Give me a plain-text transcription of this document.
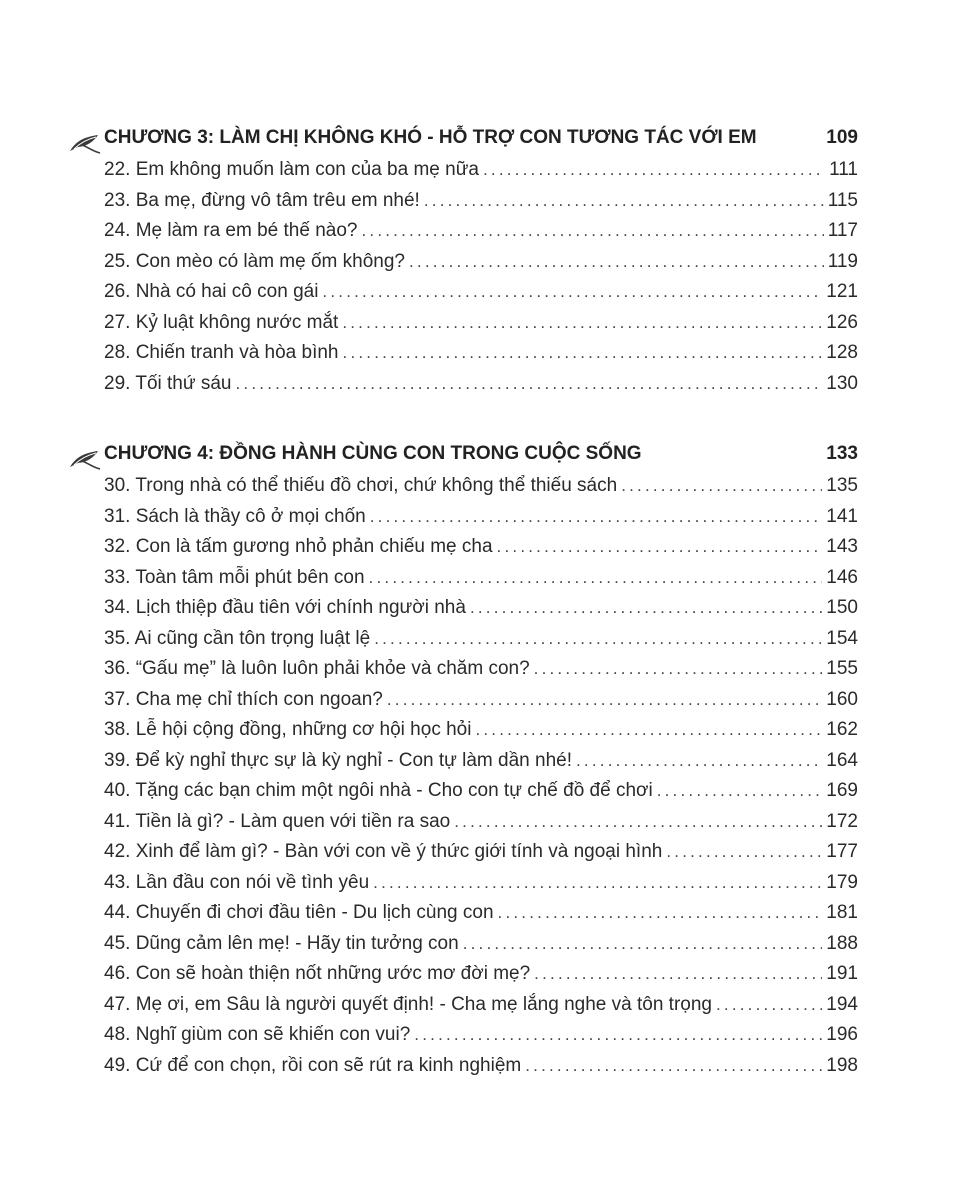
CHƯƠNG 3: LÀM CHỊ KHÔNG KHÓ - HỖ TRỢ CON TƯƠNG TÁC VỚI EM	109
22. Em không muốn làm con của ba mẹ nữa .....	111
23. Ba mẹ, đừng vô tâm trêu em nhé! .....	115
24. Mẹ làm ra em bé thế nào? .....	117
25. Con mèo có làm mẹ ốm không? .....	119
26. Nhà có hai cô con gái .....	121
27. Kỷ luật không nước mắt .....	126
28. Chiến tranh và hòa bình .....	128
29. Tối thứ sáu .....	130
CHƯƠNG 4: ĐỒNG HÀNH CÙNG CON TRONG CUỘC SỐNG	133
30. Trong nhà có thể thiếu đồ chơi, chứ không thể thiếu sách .....	135
31. Sách là thầy cô ở mọi chốn .....	141
32. Con là tấm gương nhỏ phản chiếu mẹ cha .....	143
33. Toàn tâm mỗi phút bên con .....	146
34. Lịch thiệp đầu tiên với chính người nhà .....	150
35. Ai cũng cần tôn trọng luật lệ .....	154
36. “Gấu mẹ” là luôn luôn phải khỏe và chăm con? .....	155
37. Cha mẹ chỉ thích con ngoan? .....	160
38. Lễ hội cộng đồng, những cơ hội học hỏi .....	162
39. Để kỳ nghỉ thực sự là kỳ nghỉ - Con tự làm dần nhé! .....	164
40. Tặng các bạn chim một ngôi nhà - Cho con tự chế đồ để chơi .....	169
41. Tiền là gì? - Làm quen với tiền ra sao .....	172
42. Xinh để làm gì? - Bàn với con về ý thức giới tính và ngoại hình .....	177
43. Lần đầu con nói về tình yêu .....	179
44. Chuyến đi chơi đầu tiên - Du lịch cùng con .....	181
45. Dũng cảm lên mẹ! - Hãy tin tưởng con .....	188
46. Con sẽ hoàn thiện nốt những ước mơ đời mẹ? .....	191
47. Mẹ ơi, em Sâu là người quyết định! - Cha mẹ lắng nghe và tôn trọng .....	194
48. Nghĩ giùm con sẽ khiến con vui? .....	196
49. Cứ để con chọn, rồi con sẽ rút ra kinh nghiệm .....	198
